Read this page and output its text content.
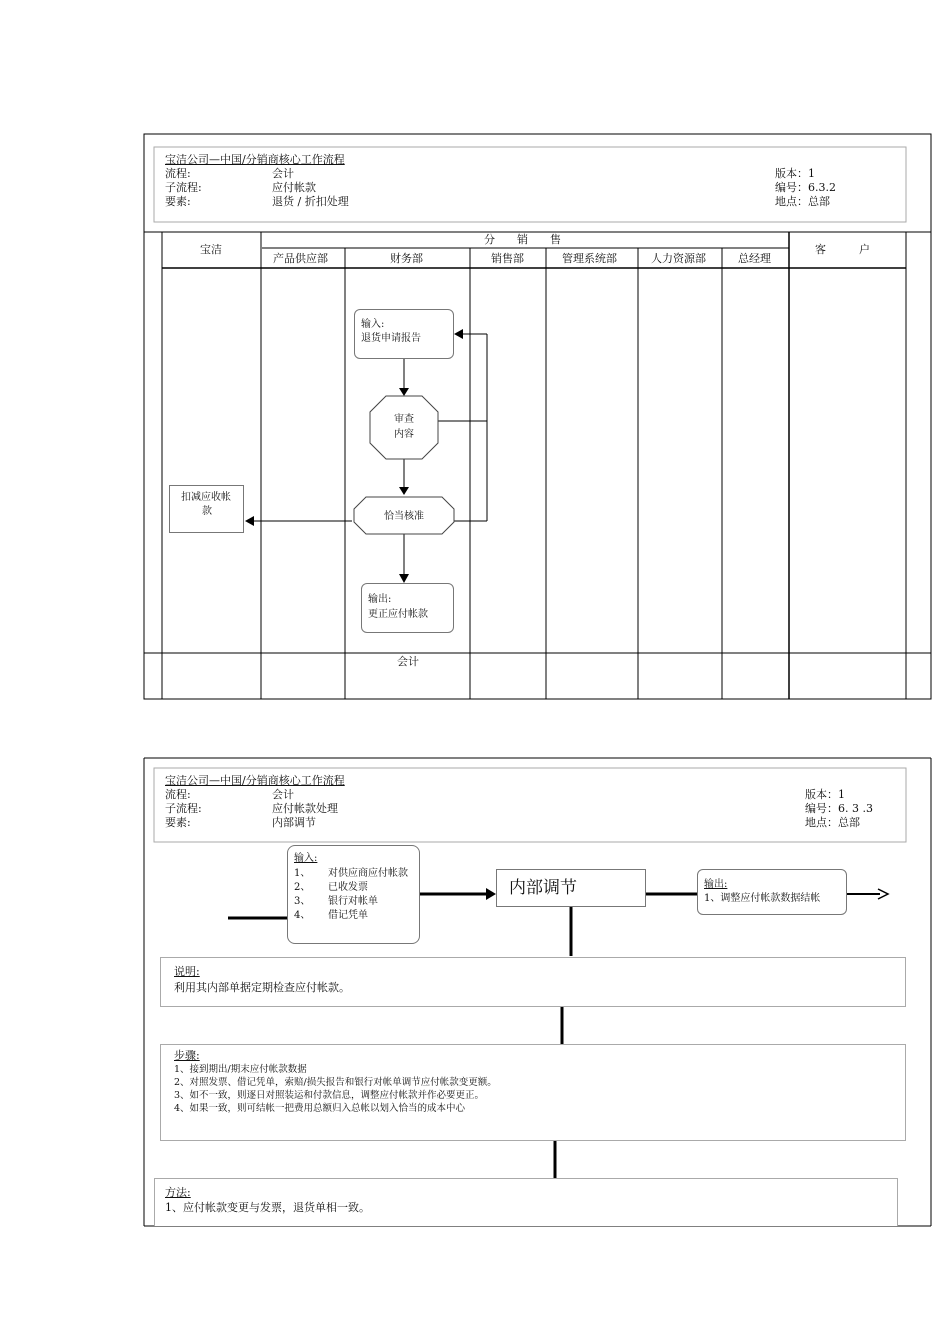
宝洁公司—中国/分销商核心工作流程
流程:	会计	版本：1
子流程:	应付帐款	编号：6.3.2
要素:	退货 / 折扣处理	地点：总部
宝洁
分　　销　　售
客　　　户
产品供应部	财务部	销售部	管理系统部	人力资源部	总经理
输入:
退货申请报告
审查
内容
恰当核准
扣减应收帐
款
输出:
更正应付帐款
会计
宝洁公司—中国/分销商核心工作流程
流程:	会计	版本：1
子流程:	应付帐款处理	编号：6. 3 .3
要素:	内部调节	地点：总部
输入:
1、 对供应商应付帐款
2、 已收发票
3、 银行对帐单
4、 借记凭单
内部调节	输出:
1、调整应付帐款数据结帐
说明:
利用其内部单据定期检查应付帐款。
步骤:
1、接到期出/期末应付帐款数据
2、对照发票、借记凭单，索赔/损失报告和银行对帐单调节应付帐款变更额。
3、如不一致，则逐日对照装运和付款信息，调整应付帐款并作必要更正。
4、如果一致，则可结帐一把费用总额归入总帐以划入恰当的成本中心
方法:
1、应付帐款变更与发票，退货单相一致。
